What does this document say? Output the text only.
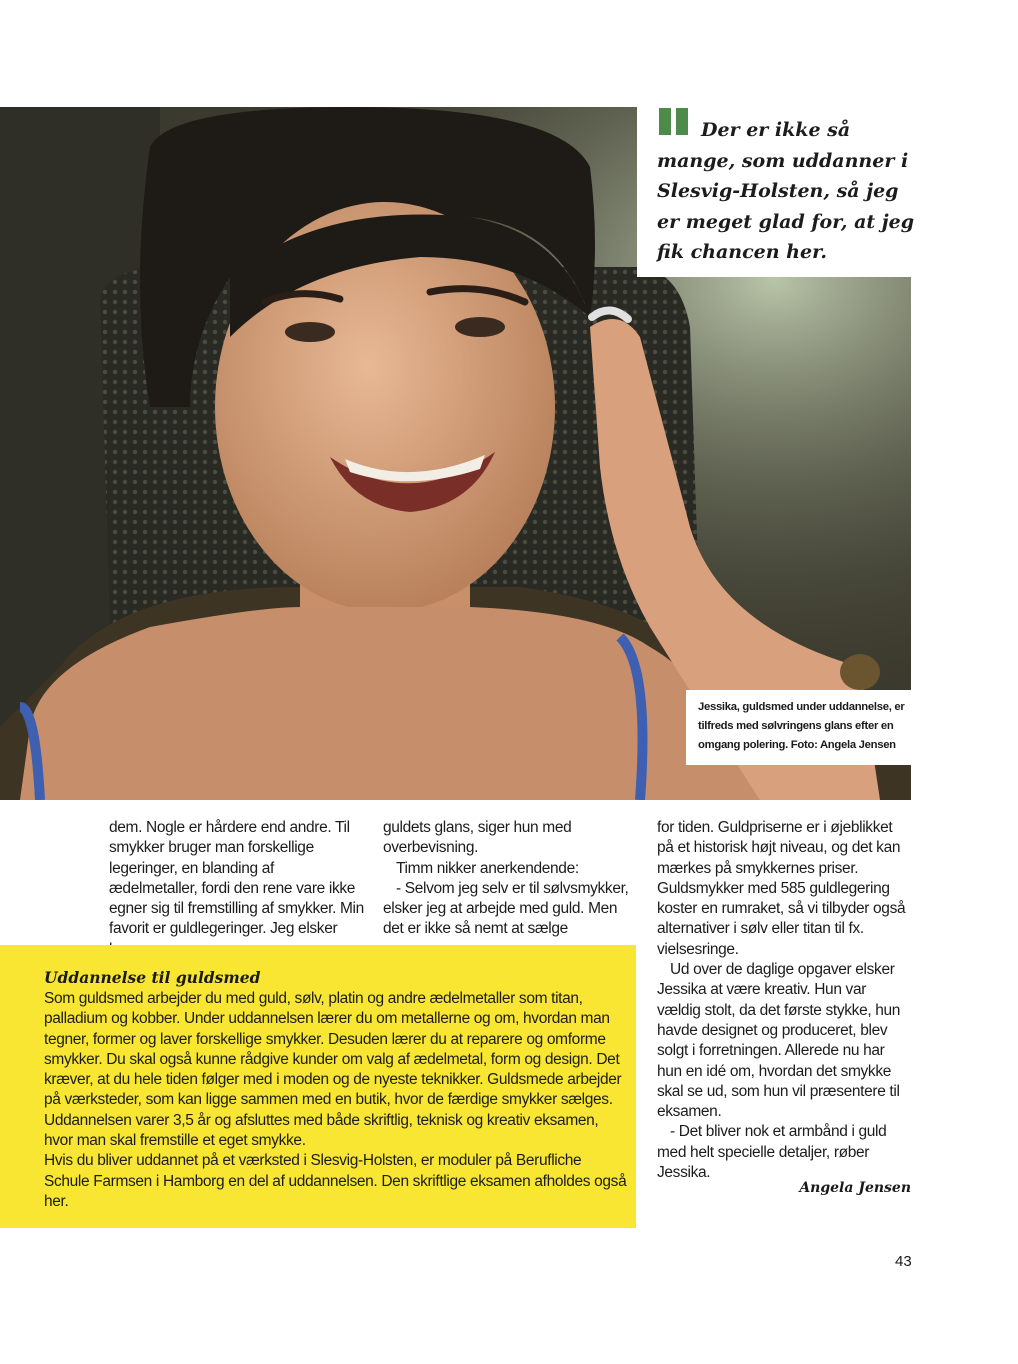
Der er ikke så mange, som uddanner i Slesvig-Holsten, så jeg er meget glad for, at jeg fik chancen her.
Jessika, guldsmed under uddannelse, er tilfreds med sølvringens glans efter en omgang polering. Foto: Angela Jensen

dem. Nogle er hårdere end andre. Til smykker bruger man forskellige legeringer, en blanding af ædelmetaller, fordi den rene vare ikke egner sig til fremstilling af smykker. Min favorit er guldlegeringer. Jeg elsker

guldets glans, siger hun med overbevisning.

Timm nikker anerkendende:

- Selvom jeg selv er til sølvsmykker, elsker jeg at arbejde med guld. Men det er ikke så nemt at sælge

for tiden. Guldpriserne er i øjeblikket på et historisk højt niveau, og det kan mærkes på smykkernes priser. Guldsmykker med 585 guldlegering koster en rumraket, så vi tilbyder også alternativer i sølv eller titan til fx. vielsesringe.

Ud over de daglige opgaver elsker Jessika at være kreativ. Hun var vældig stolt, da det første stykke, hun havde designet og produceret, blev solgt i forretningen. Allerede nu har hun en idé om, hvordan det smykke skal se ud, som hun vil præsentere til eksamen.

- Det bliver nok et armbånd i guld med helt specielle detaljer, røber Jessika.

Uddannelse til guldsmed

Som guldsmed arbejder du med guld, sølv, platin og andre ædelmetaller som titan, palladium og kobber. Under uddannelsen lærer du om metallerne og om, hvordan man tegner, former og laver forskellige smykker. Desuden lærer du at reparere og omforme smykker. Du skal også kunne rådgive kunder om valg af ædelmetal, form og design. Det kræver, at du hele tiden følger med i moden og de nyeste teknikker. Guldsmede arbejder på værksteder, som kan ligge sammen med en butik, hvor de færdige smykker sælges. Uddannelsen varer 3,5 år og afsluttes med både skriftlig, teknisk og kreativ eksamen, hvor man skal fremstille et eget smykke.

Hvis du bliver uddannet på et værksted i Slesvig-Holsten, er moduler på Berufliche Schule Farmsen i Hamborg en del af uddannelsen. Den skriftlige eksamen afholdes også her.

Angela Jensen
43
